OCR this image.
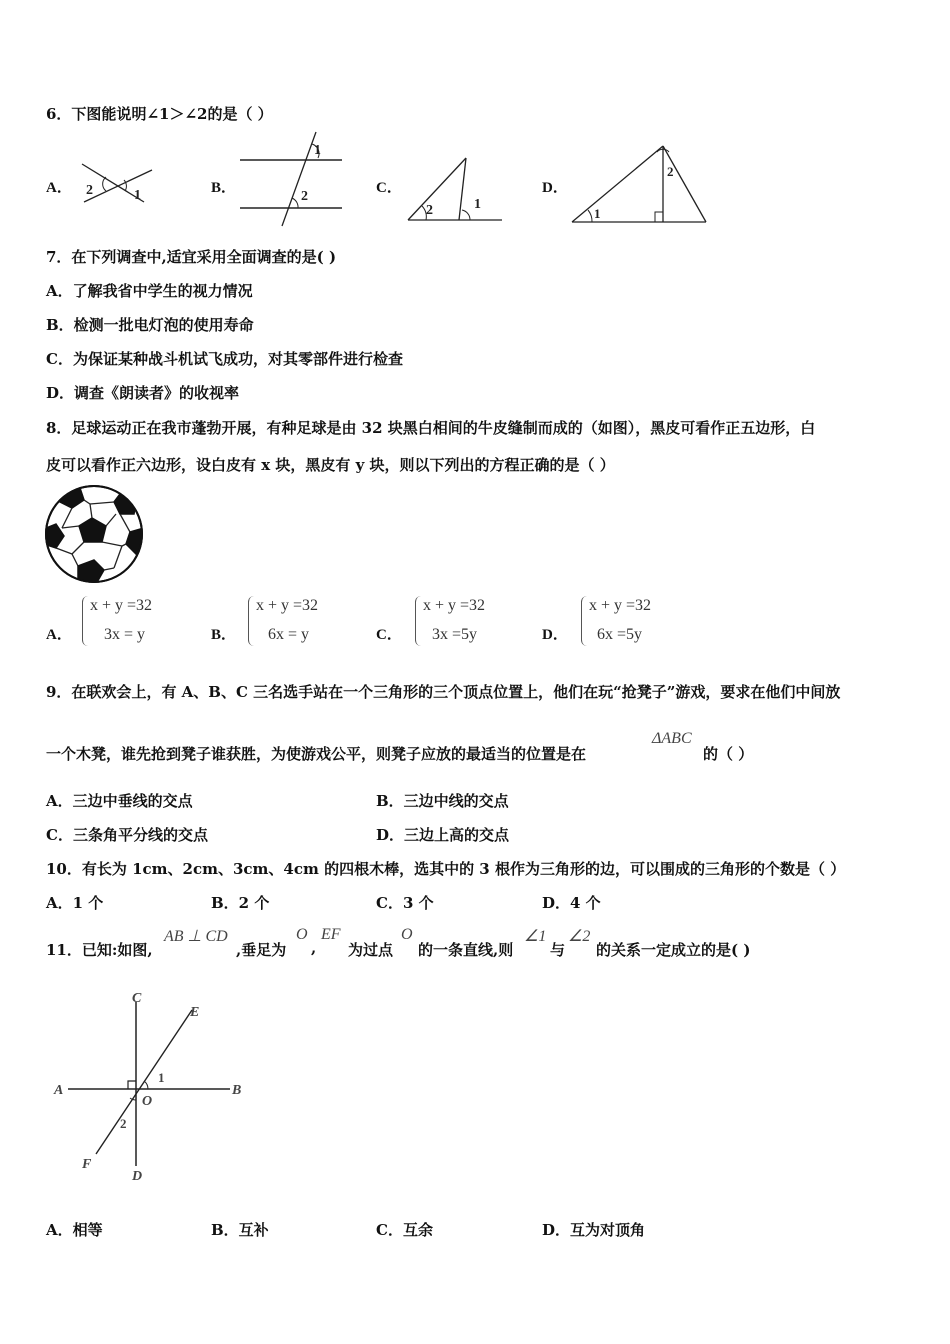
6．下图能说明∠1＞∠2的是（ ）
A． 2	1	B．
1
2
C．
2	1
D．
2
1
7．在下列调查中,适宜采用全面调查的是( )
A．了解我省中学生的视力情况
B．检测一批电灯泡的使用寿命
C．为保证某种战斗机试飞成功，对其零部件进行检查
D．调查《朗读者》的收视率
8．足球运动正在我市蓬勃开展，有种足球是由 32 块黑白相间的牛皮缝制而成的（如图），黑皮可看作正五边形，白
皮可以看作正六边形，设白皮有 x 块，黑皮有 y 块，则以下列出的方程正确的是（ ）
A．
x + y =32
3x = y	B．
x + y =32
6x = y	C．
x + y =32
3x =5y	D．
x + y =32
6x =5y
9．在联欢会上，有 A、B、C 三名选手站在一个三角形的三个顶点位置上，他们在玩“抢凳子”游戏，要求在他们中间放
一个木凳，谁先抢到凳子谁获胜，为使游戏公平，则凳子应放的最适当的位置是在
ΔABC
的（ ）
A．三边中垂线的交点	B．三边中线的交点
C．三条角平分线的交点	D．三边上高的交点
10．有长为 1cm、2cm、3cm、4cm 的四根木棒，选其中的 3 根作为三角形的边，可以围成的三角形的个数是（ ）
A．1 个	B．2 个	C．3 个	D．4 个
11．已知:如图,
AB ⊥ CD
,垂足为
O
,
EF
为过点
O
的一条直线,则
∠1
与
∠2
的关系一定成立的是( )
C
E
A	B
O
1
2
F
D
A．相等	B．互补	C．互余	D．互为对顶角
